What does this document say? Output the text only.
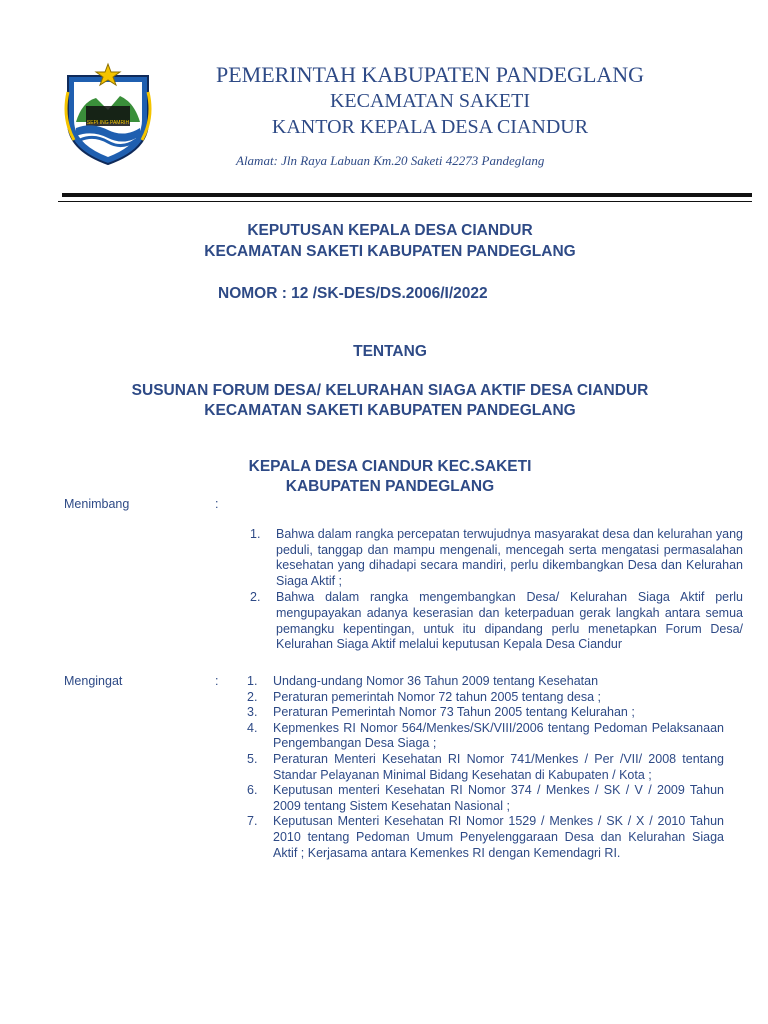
SEPI ING PAMRIH
PEMERINTAH KABUPATEN PANDEGLANG
KECAMATAN SAKETI
KANTOR KEPALA DESA CIANDUR
Alamat: Jln Raya Labuan Km.20 Saketi 42273 Pandeglang
KEPUTUSAN KEPALA DESA CIANDUR
KECAMATAN SAKETI KABUPATEN PANDEGLANG
NOMOR : 12 /SK-DES/DS.2006/I/2022
TENTANG
SUSUNAN FORUM DESA/ KELURAHAN SIAGA AKTIF DESA CIANDUR
KECAMATAN SAKETI KABUPATEN PANDEGLANG
KEPALA DESA CIANDUR KEC.SAKETI
KABUPATEN PANDEGLANG
Menimbang	:
1. Bahwa dalam rangka percepatan terwujudnya masyarakat desa dan kelurahan yang peduli, tanggap dan mampu mengenali, mencegah serta mengatasi permasalahan kesehatan yang dihadapi secara mandiri, perlu dikembangkan Desa dan Kelurahan Siaga Aktif ;
2. Bahwa dalam rangka mengembangkan Desa/ Kelurahan Siaga Aktif perlu mengupayakan adanya keserasian dan keterpaduan gerak langkah antara semua pemangku kepentingan, untuk itu dipandang perlu menetapkan Forum Desa/ Kelurahan Siaga Aktif melalui keputusan Kepala Desa Ciandur
Mengingat	: 1. Undang-undang Nomor 36 Tahun 2009 tentang Kesehatan
2. Peraturan pemerintah Nomor 72 tahun 2005 tentang desa ;
3. Peraturan Pemerintah Nomor 73 Tahun 2005 tentang Kelurahan ;
4. Kepmenkes RI Nomor 564/Menkes/SK/VIII/2006 tentang Pedoman Pelaksanaan Pengembangan Desa Siaga ;
5. Peraturan Menteri Kesehatan RI Nomor 741/Menkes / Per /VII/ 2008 tentang Standar Pelayanan Minimal Bidang Kesehatan di Kabupaten / Kota ;
6. Keputusan menteri Kesehatan RI Nomor 374 / Menkes / SK / V / 2009 Tahun 2009 tentang Sistem Kesehatan Nasional ;
7. Keputusan Menteri Kesehatan RI Nomor 1529 / Menkes / SK / X / 2010 Tahun 2010 tentang Pedoman Umum Penyelenggaraan Desa dan Kelurahan Siaga Aktif ; Kerjasama antara Kemenkes RI dengan Kemendagri RI.
